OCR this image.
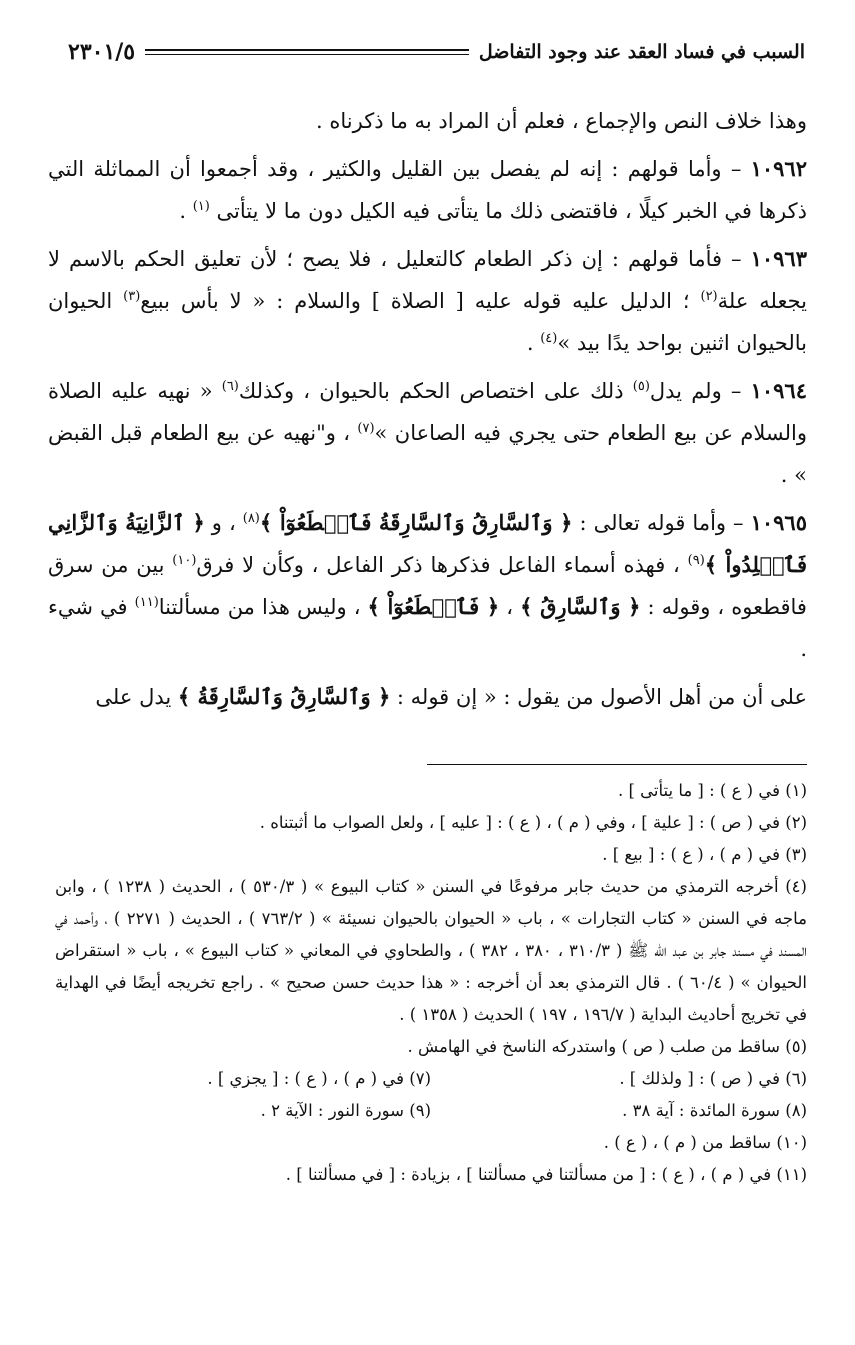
السبب في فساد العقد عند وجود التفاضل
٢٣٠١/٥

وهذا خلاف النص والإجماع ، فعلم أن المراد به ما ذكرناه .

١٠٩٦٢ – وأما قولهم : إنه لم يفصل بين القليل والكثير ، وقد أجمعوا أن المماثلة التي ذكرها في الخبر كيلًا ، فاقتضى ذلك ما يتأتى فيه الكيل دون ما لا يتأتى $^{(١)}$ .

١٠٩٦٣ – فأما قولهم : إن ذكر الطعام كالتعليل ، فلا يصح ؛ لأن تعليق الحكم بالاسم لا يجعله علة$^{(٢)}$ ؛ الدليل عليه قوله عليه [ الصلاة ] والسلام : « لا بأس ببيع$^{(٣)}$ الحيوان بالحيوان اثنين بواحد يدًا بيد »$^{(٤)}$ .

١٠٩٦٤ – ولم يدل$^{(٥)}$ ذلك على اختصاص الحكم بالحيوان ، وكذلك$^{(٦)}$ « نهيه عليه الصلاة والسلام عن بيع الطعام حتى يجري فيه الصاعان »$^{(٧)}$ ، و"نهيه عن بيع الطعام قبل القبض » .

١٠٩٦٥ – وأما قوله تعالى : ﴿ وَٱلسَّارِقُ وَٱلسَّارِقَةُ فَٱقۡطَعُوٓاْ ﴾$^{(٨)}$ ، و ﴿ ٱلزَّانِيَةُ وَٱلزَّانِي فَٱجۡلِدُواْ ﴾$^{(٩)}$ ، فهذه أسماء الفاعل فذكرها ذكر الفاعل ، وكأن لا فرق$^{(١٠)}$ بين من سرق فاقطعوه ، وقوله : ﴿ وَٱلسَّارِقُ ﴾ ، ﴿ فَٱقۡطَعُوٓاْ ﴾ ، وليس هذا من مسألتنا$^{(١١)}$ في شيء .

على أن من أهل الأصول من يقول : « إن قوله : ﴿ وَٱلسَّارِقُ وَٱلسَّارِقَةُ ﴾ يدل على

(١) في ( ع ) : [ ما يتأتى ] .

(٢) في ( ص ) : [ علية ] ، وفي ( م ) ، ( ع ) : [ عليه ] ، ولعل الصواب ما أثبتناه .

(٣) في ( م ) ، ( ع ) : [ بيع ] .

(٤) أخرجه الترمذي من حديث جابر مرفوعًا في السنن « كتاب البيوع » ( ٥٣٠/٣ ) ، الحديث ( ١٢٣٨ ) ، وابن ماجه في السنن « كتاب التجارات » ، باب « الحيوان بالحيوان نسيئة » ( ٧٦٣/٢ ) ، الحديث ( ٢٢٧١ ) ، وأحمد في المسند في مسند جابر بن عبد الله ﷺ ( ٣١٠/٣ ، ٣٨٠ ، ٣٨٢ ) ، والطحاوي في المعاني « كتاب البيوع » ، باب « استقراض الحيوان » ( ٦٠/٤ ) . قال الترمذي بعد أن أخرجه : « هذا حديث حسن صحيح » . راجع تخريجه أيضًا في الهداية في تخريج أحاديث البداية ( ١٩٦/٧ ، ١٩٧ ) الحديث ( ١٣٥٨ ) .

(٥) ساقط من صلب ( ص ) واستدركه الناسخ في الهامش .

(٦) في ( ص ) : [ ولذلك ] .

(٧) في ( م ) ، ( ع ) : [ يجزي ] .

(٨) سورة المائدة : آية ٣٨ .

(٩) سورة النور : الآية ٢ .

(١٠) ساقط من ( م ) ، ( ع ) .

(١١) في ( م ) ، ( ع ) : [ من مسألتنا في مسألتنا ] ، بزيادة : [ في مسألتنا ] .
